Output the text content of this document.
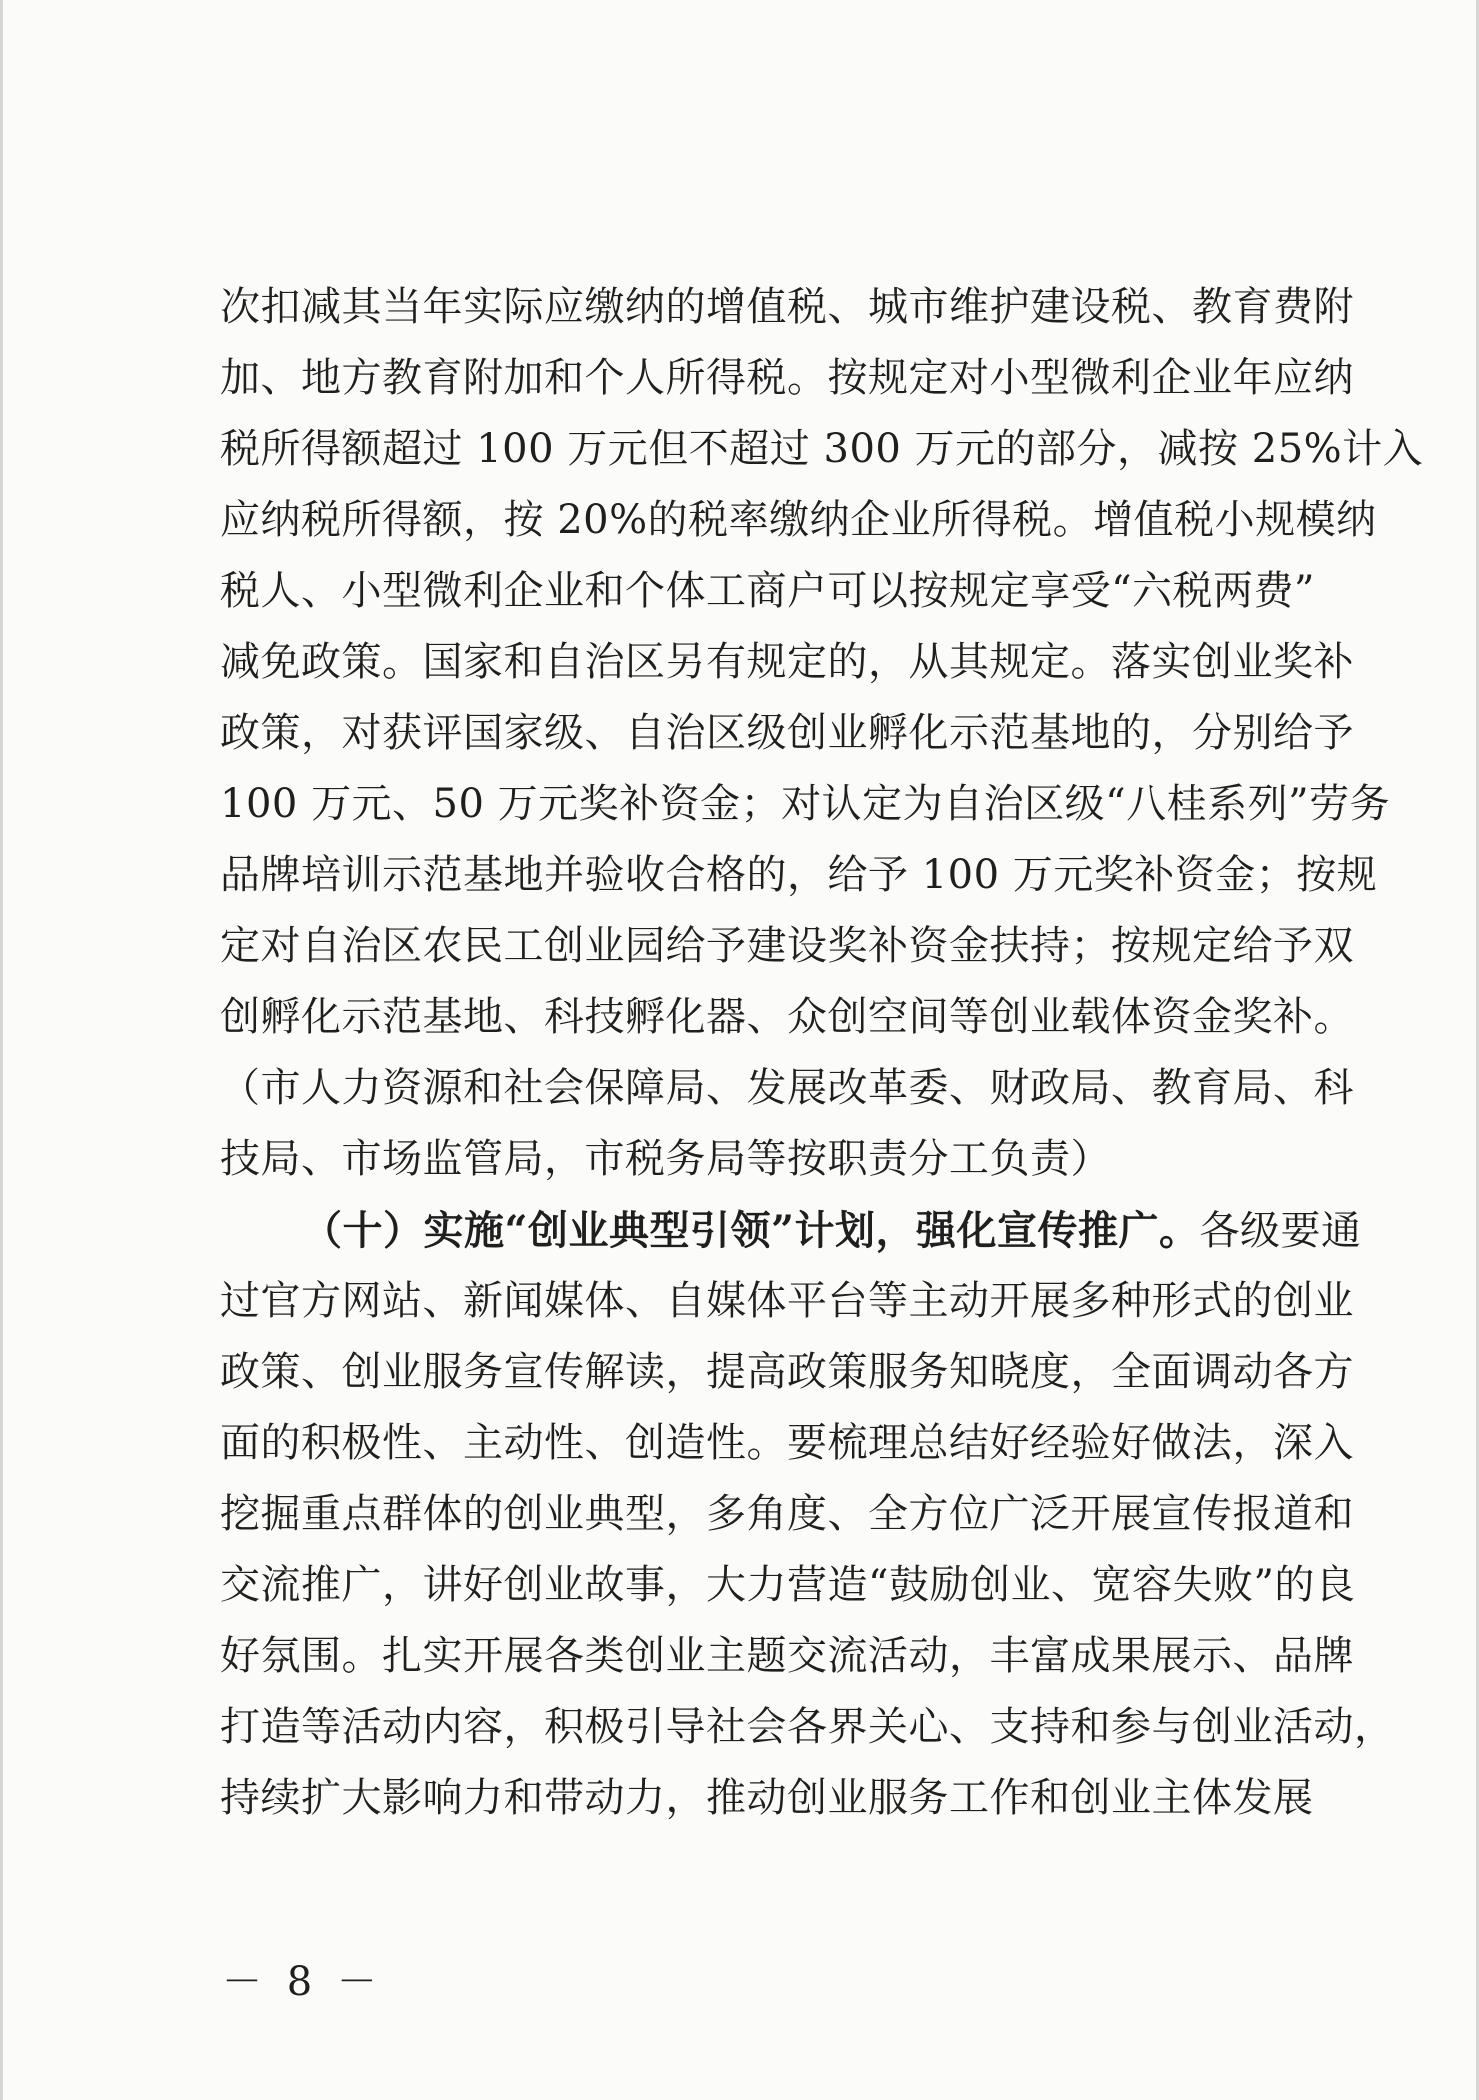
次扣减其当年实际应缴纳的增值税、城市维护建设税、教育费附
加、地方教育附加和个人所得税。按规定对小型微利企业年应纳
税所得额超过 100 万元但不超过 300 万元的部分，减按 25%计入
应纳税所得额，按 20%的税率缴纳企业所得税。增值税小规模纳
税人、小型微利企业和个体工商户可以按规定享受“六税两费”
减免政策。国家和自治区另有规定的，从其规定。落实创业奖补
政策，对获评国家级、自治区级创业孵化示范基地的，分别给予
100 万元、50 万元奖补资金；对认定为自治区级“八桂系列”劳务
品牌培训示范基地并验收合格的，给予 100 万元奖补资金；按规
定对自治区农民工创业园给予建设奖补资金扶持；按规定给予双
创孵化示范基地、科技孵化器、众创空间等创业载体资金奖补。
（市人力资源和社会保障局、发展改革委、财政局、教育局、科
技局、市场监管局，市税务局等按职责分工负责）
（十）实施“创业典型引领”计划，强化宣传推广。各级要通
过官方网站、新闻媒体、自媒体平台等主动开展多种形式的创业
政策、创业服务宣传解读，提高政策服务知晓度，全面调动各方
面的积极性、主动性、创造性。要梳理总结好经验好做法，深入
挖掘重点群体的创业典型，多角度、全方位广泛开展宣传报道和
交流推广，讲好创业故事，大力营造“鼓励创业、宽容失败”的良
好氛围。扎实开展各类创业主题交流活动，丰富成果展示、品牌
打造等活动内容，积极引导社会各界关心、支持和参与创业活动，
持续扩大影响力和带动力，推动创业服务工作和创业主体发展
－ 8 －
